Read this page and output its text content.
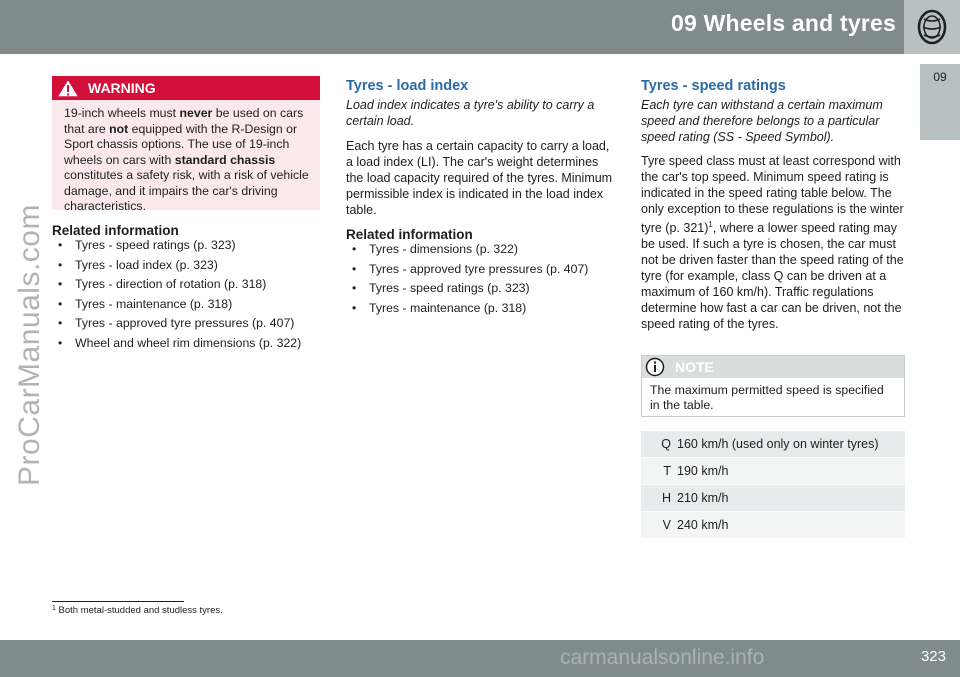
09 Wheels and tyres
09
ProCarManuals.com
WARNING
19-inch wheels must never be used on cars that are not equipped with the R-Design or Sport chassis options. The use of 19-inch wheels on cars with standard chassis constitutes a safety risk, with a risk of vehicle damage, and it impairs the car's driving characteristics.
Related information
• Tyres - speed ratings (p. 323)
• Tyres - load index (p. 323)
• Tyres - direction of rotation (p. 318)
• Tyres - maintenance (p. 318)
• Tyres - approved tyre pressures (p. 407)
• Wheel and wheel rim dimensions (p. 322)
Tyres - load index
Load index indicates a tyre's ability to carry a certain load.
Each tyre has a certain capacity to carry a load, a load index (LI). The car's weight determines the load capacity required of the tyres. Minimum permissible index is indicated in the load index table.
Related information
• Tyres - dimensions (p. 322)
• Tyres - approved tyre pressures (p. 407)
• Tyres - speed ratings (p. 323)
• Tyres - maintenance (p. 318)
Tyres - speed ratings
Each tyre can withstand a certain maximum speed and therefore belongs to a particular speed rating (SS - Speed Symbol).
Tyre speed class must at least correspond with the car's top speed. Minimum speed rating is indicated in the speed rating table below. The only exception to these regulations is the winter tyre (p. 321)$^1$, where a lower speed rating may be used. If such a tyre is chosen, the car must not be driven faster than the speed rating of the tyre (for example, class Q can be driven at a maximum of 160 km/h). Traffic regulations determine how fast a car can be driven, not the speed rating of the tyres.
NOTE
The maximum permitted speed is specified in the table.
Q 160 km/h (used only on winter tyres)
T 190 km/h
H 210 km/h
V 240 km/h
$^1$ Both metal-studded and studless tyres.
carmanualsonline.info	323
